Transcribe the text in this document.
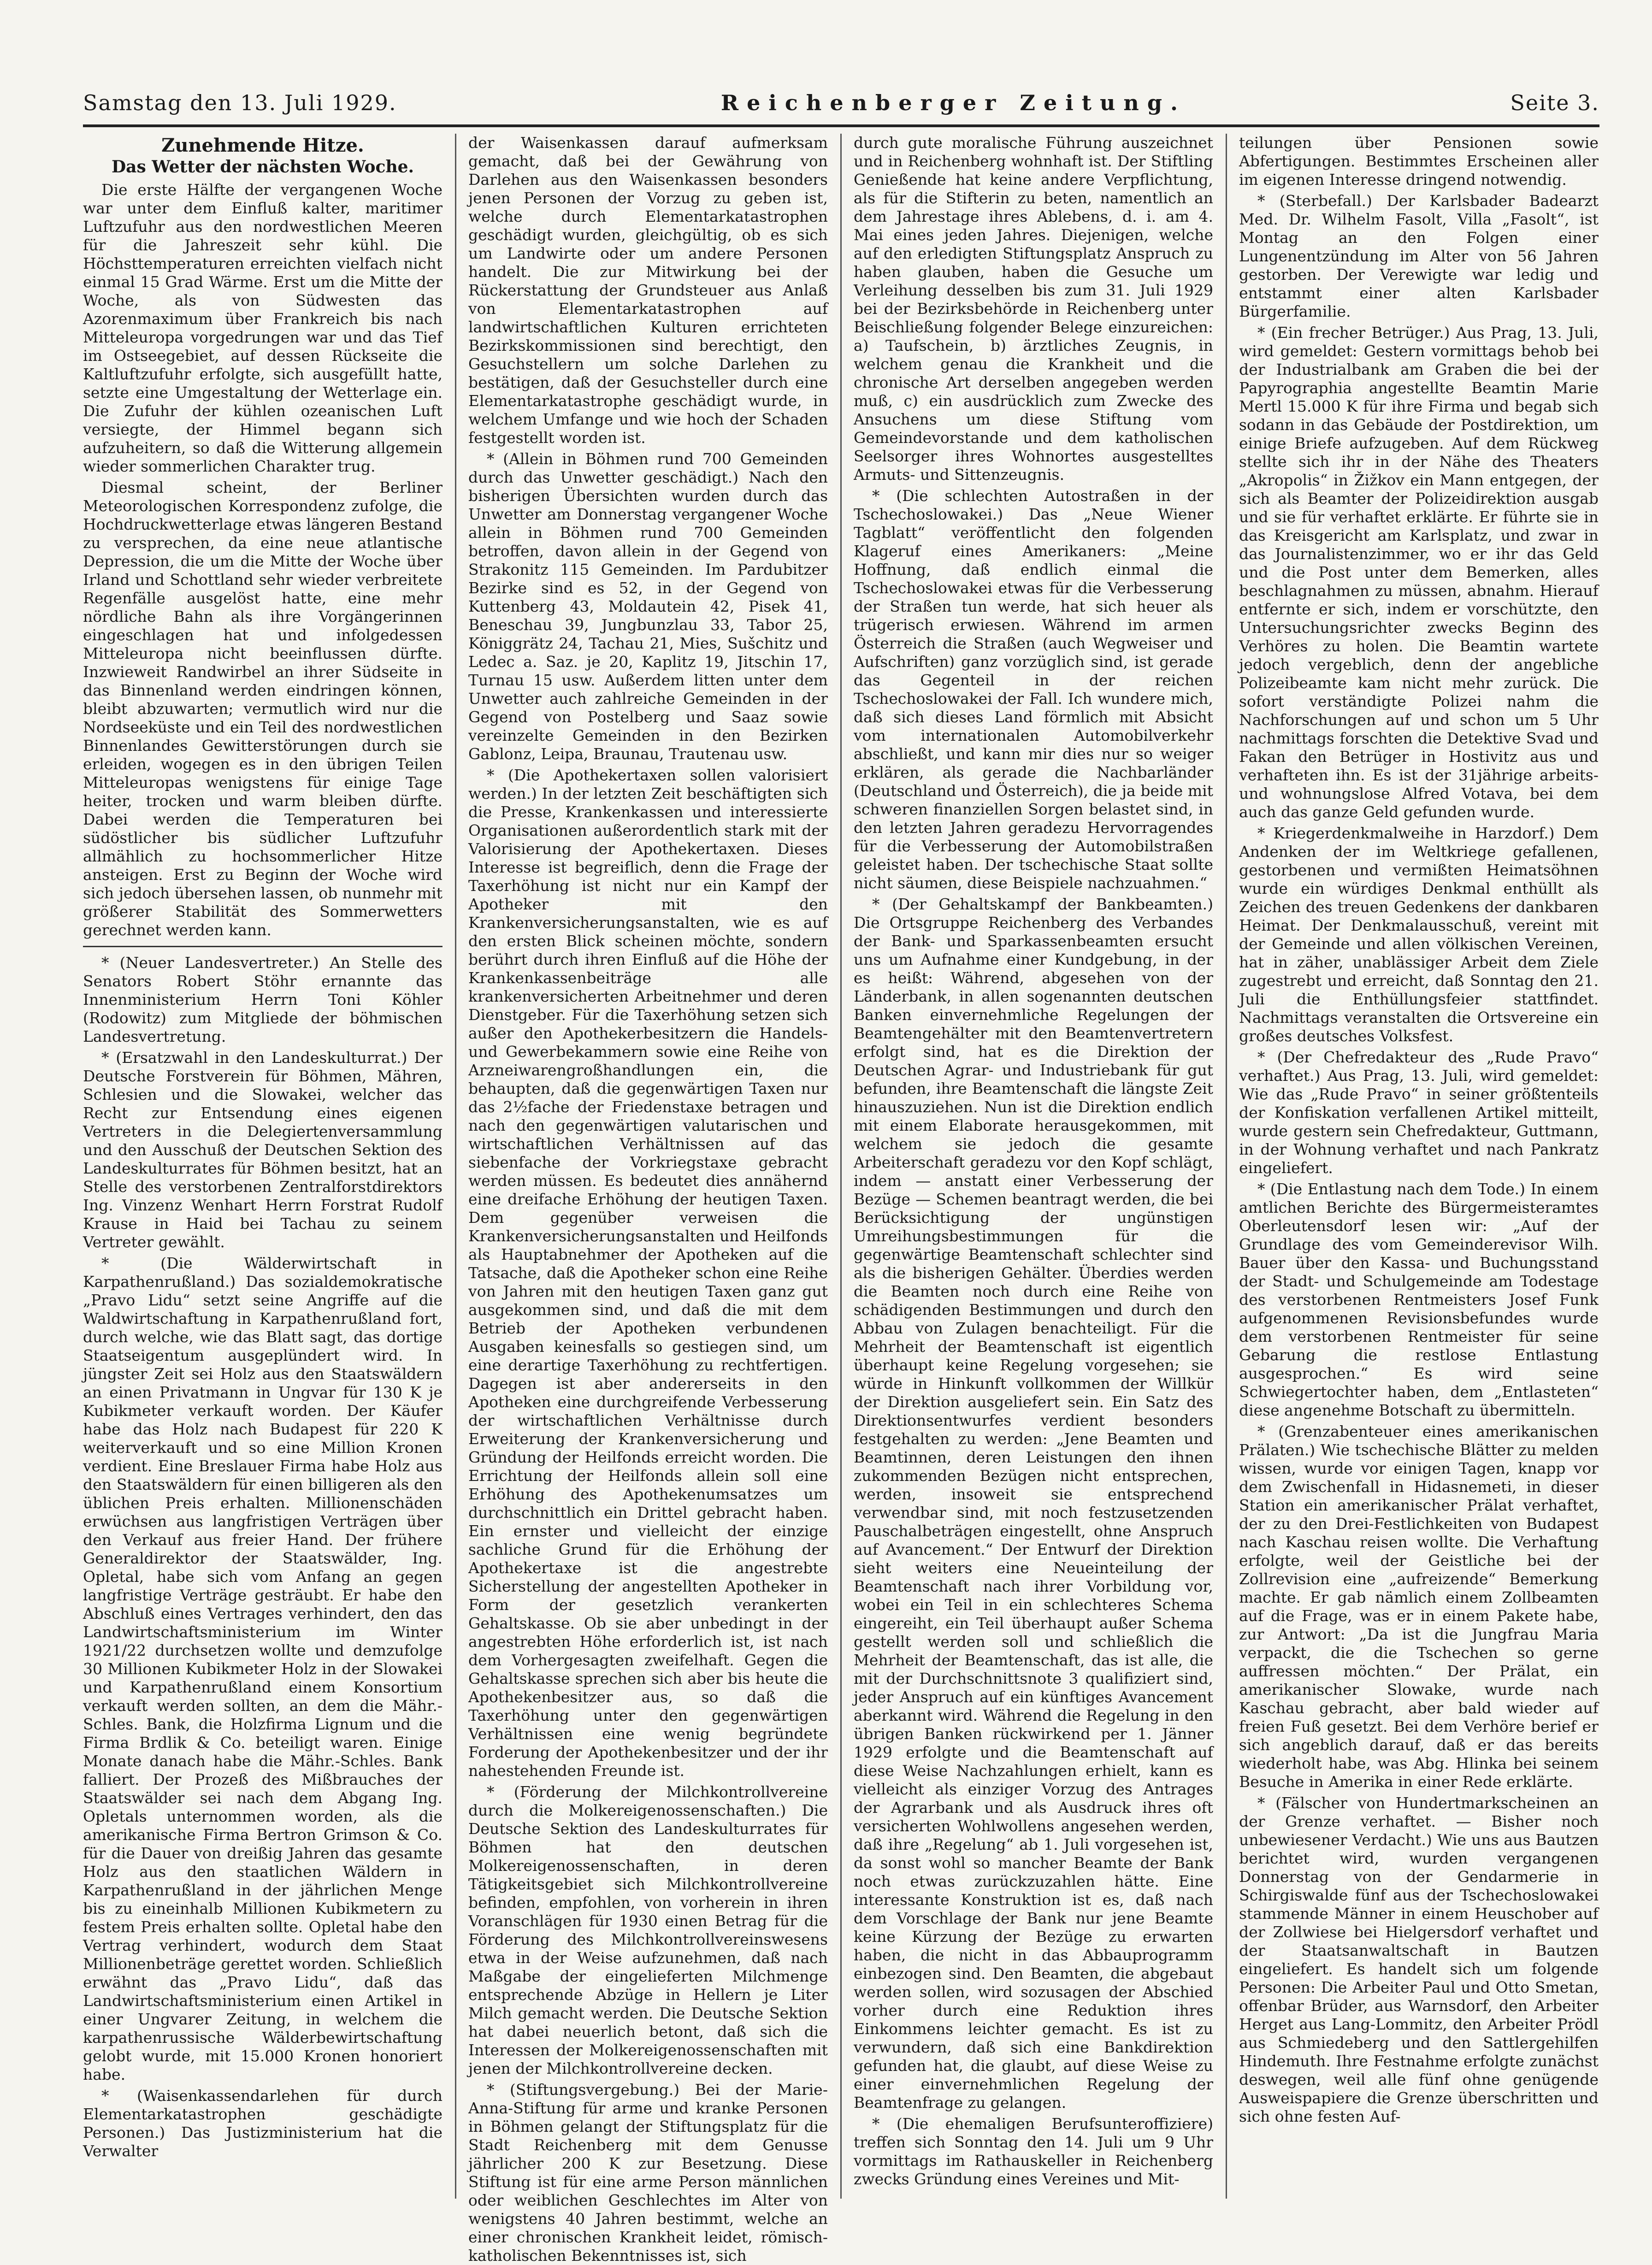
Samstag den 13. Juli 1929.	Reichenberger Zeitung.	Seite 3.
Zunehmende Hitze.
Das Wetter der nächsten Woche.

Die erste Hälfte der vergangenen Woche war unter dem Einfluß kalter, maritimer Luftzufuhr aus den nordwestlichen Meeren für die Jahreszeit sehr kühl. Die Höchsttemperaturen erreichten vielfach nicht einmal 15 Grad Wärme. Erst um die Mitte der Woche, als von Südwesten das Azorenmaximum über Frankreich bis nach Mitteleuropa vorgedrungen war und das Tief im Ostseegebiet, auf dessen Rückseite die Kaltluftzufuhr erfolgte, sich ausgefüllt hatte, setzte eine Umgestaltung der Wetterlage ein. Die Zufuhr der kühlen ozeanischen Luft versiegte, der Himmel begann sich aufzuheitern, so daß die Witterung allgemein wieder sommerlichen Charakter trug.

Diesmal scheint, der Berliner Meteorologischen Korrespondenz zufolge, die Hochdruckwetterlage etwas längeren Bestand zu versprechen, da eine neue atlantische Depression, die um die Mitte der Woche über Irland und Schottland sehr wieder verbreitete Regenfälle ausgelöst hatte, eine mehr nördliche Bahn als ihre Vorgängerinnen eingeschlagen hat und infolgedessen Mitteleuropa nicht beeinflussen dürfte. Inzwieweit Randwirbel an ihrer Südseite in das Binnenland werden eindringen können, bleibt abzuwarten; vermutlich wird nur die Nordseeküste und ein Teil des nordwestlichen Binnenlandes Gewitterstörungen durch sie erleiden, wogegen es in den übrigen Teilen Mitteleuropas wenigstens für einige Tage heiter, trocken und warm bleiben dürfte. Dabei werden die Temperaturen bei südöstlicher bis südlicher Luftzufuhr allmählich zu hochsommerlicher Hitze ansteigen. Erst zu Beginn der Woche wird sich jedoch übersehen lassen, ob nunmehr mit größerer Stabilität des Sommerwetters gerechnet werden kann.

* (Neuer Landesvertreter.) An Stelle des Senators Robert Stöhr ernannte das Innenministerium Herrn Toni Köhler (Rodowitz) zum Mitgliede der böhmischen Landesvertretung.

* (Ersatzwahl in den Landeskulturrat.) Der Deutsche Forstverein für Böhmen, Mähren, Schlesien und die Slowakei, welcher das Recht zur Entsendung eines eigenen Vertreters in die Delegiertenversammlung und den Ausschuß der Deutschen Sektion des Landeskulturrates für Böhmen besitzt, hat an Stelle des verstorbenen Zentralforstdirektors Ing. Vinzenz Wenhart Herrn Forstrat Rudolf Krause in Haid bei Tachau zu seinem Vertreter gewählt.

* (Die Wälderwirtschaft in Karpathenrußland.) Das sozialdemokratische „Pravo Lidu“ setzt seine Angriffe auf die Waldwirtschaftung in Karpathenrußland fort, durch welche, wie das Blatt sagt, das dortige Staatseigentum ausgeplündert wird. In jüngster Zeit sei Holz aus den Staatswäldern an einen Privatmann in Ungvar für 130 K je Kubikmeter verkauft worden. Der Käufer habe das Holz nach Budapest für 220 K weiterverkauft und so eine Million Kronen verdient. Eine Breslauer Firma habe Holz aus den Staatswäldern für einen billigeren als den üblichen Preis erhalten. Millionenschäden erwüchsen aus langfristigen Verträgen über den Verkauf aus freier Hand. Der frühere Generaldirektor der Staatswälder, Ing. Opletal, habe sich vom Anfang an gegen langfristige Verträge gesträubt. Er habe den Abschluß eines Vertrages verhindert, den das Landwirtschaftsministerium im Winter 1921/22 durchsetzen wollte und demzufolge 30 Millionen Kubikmeter Holz in der Slowakei und Karpathenrußland einem Konsortium verkauft werden sollten, an dem die Mähr.-Schles. Bank, die Holzfirma Lignum und die Firma Brdlik & Co. beteiligt waren. Einige Monate danach habe die Mähr.-Schles. Bank falliert. Der Prozeß des Mißbrauches der Staatswälder sei nach dem Abgang Ing. Opletals unternommen worden, als die amerikanische Firma Bertron Grimson & Co. für die Dauer von dreißig Jahren das gesamte Holz aus den staatlichen Wäldern in Karpathenrußland in der jährlichen Menge bis zu eineinhalb Millionen Kubikmetern zu festem Preis erhalten sollte. Opletal habe den Vertrag verhindert, wodurch dem Staat Millionenbeträge gerettet worden. Schließlich erwähnt das „Pravo Lidu“, daß das Landwirtschaftsministerium einen Artikel in einer Ungvarer Zeitung, in welchem die karpathenrussische Wälderbewirtschaftung gelobt wurde, mit 15.000 Kronen honoriert habe.

* (Waisenkassendarlehen für durch Elementarkatastrophen geschädigte Personen.) Das Justizministerium hat die Verwalter

der Waisenkassen darauf aufmerksam gemacht, daß bei der Gewährung von Darlehen aus den Waisenkassen besonders jenen Personen der Vorzug zu geben ist, welche durch Elementarkatastrophen geschädigt wurden, gleichgültig, ob es sich um Landwirte oder um andere Personen handelt. Die zur Mitwirkung bei der Rückerstattung der Grundsteuer aus Anlaß von Elementarkatastrophen auf landwirtschaftlichen Kulturen errichteten Bezirkskommissionen sind berechtigt, den Gesuchstellern um solche Darlehen zu bestätigen, daß der Gesuchsteller durch eine Elementarkatastrophe geschädigt wurde, in welchem Umfange und wie hoch der Schaden festgestellt worden ist.

* (Allein in Böhmen rund 700 Gemeinden durch das Unwetter geschädigt.) Nach den bisherigen Übersichten wurden durch das Unwetter am Donnerstag vergangener Woche allein in Böhmen rund 700 Gemeinden betroffen, davon allein in der Gegend von Strakonitz 115 Gemeinden. Im Pardubitzer Bezirke sind es 52, in der Gegend von Kuttenberg 43, Moldautein 42, Pisek 41, Beneschau 39, Jungbunzlau 33, Tabor 25, Königgrätz 24, Tachau 21, Mies, Sušchitz und Ledec a. Saz. je 20, Kaplitz 19, Jitschin 17, Turnau 15 usw. Außerdem litten unter dem Unwetter auch zahlreiche Gemeinden in der Gegend von Postelberg und Saaz sowie vereinzelte Gemeinden in den Bezirken Gablonz, Leipa, Braunau, Trautenau usw.

* (Die Apothekertaxen sollen valorisiert werden.) In der letzten Zeit beschäftigten sich die Presse, Krankenkassen und interessierte Organisationen außerordentlich stark mit der Valorisierung der Apothekertaxen. Dieses Interesse ist begreiflich, denn die Frage der Taxerhöhung ist nicht nur ein Kampf der Apotheker mit den Krankenversicherungsanstalten, wie es auf den ersten Blick scheinen möchte, sondern berührt durch ihren Einfluß auf die Höhe der Krankenkassenbeiträge alle krankenversicherten Arbeitnehmer und deren Dienstgeber. Für die Taxerhöhung setzen sich außer den Apothekerbesitzern die Handels- und Gewerbekammern sowie eine Reihe von Arzneiwarengroßhandlungen ein, die behaupten, daß die gegenwärtigen Taxen nur das 2½fache der Friedenstaxe betragen und nach den gegenwärtigen valutarischen und wirtschaftlichen Verhältnissen auf das siebenfache der Vorkriegstaxe gebracht werden müssen. Es bedeutet dies annähernd eine dreifache Erhöhung der heutigen Taxen. Dem gegenüber verweisen die Krankenversicherungsanstalten und Heilfonds als Hauptabnehmer der Apotheken auf die Tatsache, daß die Apotheker schon eine Reihe von Jahren mit den heutigen Taxen ganz gut ausgekommen sind, und daß die mit dem Betrieb der Apotheken verbundenen Ausgaben keinesfalls so gestiegen sind, um eine derartige Taxerhöhung zu rechtfertigen. Dagegen ist aber andererseits in den Apotheken eine durchgreifende Verbesserung der wirtschaftlichen Verhältnisse durch Erweiterung der Krankenversicherung und Gründung der Heilfonds erreicht worden. Die Errichtung der Heilfonds allein soll eine Erhöhung des Apothekenumsatzes um durchschnittlich ein Drittel gebracht haben. Ein ernster und vielleicht der einzige sachliche Grund für die Erhöhung der Apothekertaxe ist die angestrebte Sicherstellung der angestellten Apotheker in Form der gesetzlich verankerten Gehaltskasse. Ob sie aber unbedingt in der angestrebten Höhe erforderlich ist, ist nach dem Vorhergesagten zweifelhaft. Gegen die Gehaltskasse sprechen sich aber bis heute die Apothekenbesitzer aus, so daß die Taxerhöhung unter den gegenwärtigen Verhältnissen eine wenig begründete Forderung der Apothekenbesitzer und der ihr nahestehenden Freunde ist.

* (Förderung der Milchkontrollvereine durch die Molkereigenossenschaften.) Die Deutsche Sektion des Landeskulturrates für Böhmen hat den deutschen Molkereigenossenschaften, in deren Tätigkeitsgebiet sich Milchkontrollvereine befinden, empfohlen, von vorherein in ihren Voranschlägen für 1930 einen Betrag für die Förderung des Milchkontrollvereinswesens etwa in der Weise aufzunehmen, daß nach Maßgabe der eingelieferten Milchmenge entsprechende Abzüge in Hellern je Liter Milch gemacht werden. Die Deutsche Sektion hat dabei neuerlich betont, daß sich die Interessen der Molkereigenossenschaften mit jenen der Milchkontrollvereine decken.

* (Stiftungsvergebung.) Bei der Marie-Anna-Stiftung für arme und kranke Personen in Böhmen gelangt der Stiftungsplatz für die Stadt Reichenberg mit dem Genusse jährlicher 200 K zur Besetzung. Diese Stiftung ist für eine arme Person männlichen oder weiblichen Geschlechtes im Alter von wenigstens 40 Jahren bestimmt, welche an einer chronischen Krankheit leidet, römisch-katholischen Bekenntnisses ist, sich

durch gute moralische Führung auszeichnet und in Reichenberg wohnhaft ist. Der Stiftling Genießende hat keine andere Verpflichtung, als für die Stifterin zu beten, namentlich an dem Jahrestage ihres Ablebens, d. i. am 4. Mai eines jeden Jahres. Diejenigen, welche auf den erledigten Stiftungsplatz Anspruch zu haben glauben, haben die Gesuche um Verleihung desselben bis zum 31. Juli 1929 bei der Bezirksbehörde in Reichenberg unter Beischließung folgender Belege einzureichen: a) Taufschein, b) ärztliches Zeugnis, in welchem genau die Krankheit und die chronische Art derselben angegeben werden muß, c) ein ausdrücklich zum Zwecke des Ansuchens um diese Stiftung vom Gemeindevorstande und dem katholischen Seelsorger ihres Wohnortes ausgestelltes Armuts- und Sittenzeugnis.

* (Die schlechten Autostraßen in der Tschechoslowakei.) Das „Neue Wiener Tagblatt“ veröffentlicht den folgenden Klageruf eines Amerikaners: „Meine Hoffnung, daß endlich einmal die Tschechoslowakei etwas für die Verbesserung der Straßen tun werde, hat sich heuer als trügerisch erwiesen. Während im armen Österreich die Straßen (auch Wegweiser und Aufschriften) ganz vorzüglich sind, ist gerade das Gegenteil in der reichen Tschechoslowakei der Fall. Ich wundere mich, daß sich dieses Land förmlich mit Absicht vom internationalen Automobilverkehr abschließt, und kann mir dies nur so weiger erklären, als gerade die Nachbarländer (Deutschland und Österreich), die ja beide mit schweren finanziellen Sorgen belastet sind, in den letzten Jahren geradezu Hervorragendes für die Verbesserung der Automobilstraßen geleistet haben. Der tschechische Staat sollte nicht säumen, diese Beispiele nachzuahmen.“

* (Der Gehaltskampf der Bankbeamten.) Die Ortsgruppe Reichenberg des Verbandes der Bank- und Sparkassenbeamten ersucht uns um Aufnahme einer Kundgebung, in der es heißt: Während, abgesehen von der Länderbank, in allen sogenannten deutschen Banken einvernehmliche Regelungen der Beamtengehälter mit den Beamtenvertretern erfolgt sind, hat es die Direktion der Deutschen Agrar- und Industriebank für gut befunden, ihre Beamtenschaft die längste Zeit hinauszuziehen. Nun ist die Direktion endlich mit einem Elaborate herausgekommen, mit welchem sie jedoch die gesamte Arbeiterschaft geradezu vor den Kopf schlägt, indem — anstatt einer Verbesserung der Bezüge — Schemen beantragt werden, die bei Berücksichtigung der ungünstigen Umreihungsbestimmungen für die gegenwärtige Beamtenschaft schlechter sind als die bisherigen Gehälter. Überdies werden die Beamten noch durch eine Reihe von schädigenden Bestimmungen und durch den Abbau von Zulagen benachteiligt. Für die Mehrheit der Beamtenschaft ist eigentlich überhaupt keine Regelung vorgesehen; sie würde in Hinkunft vollkommen der Willkür der Direktion ausgeliefert sein. Ein Satz des Direktionsentwurfes verdient besonders festgehalten zu werden: „Jene Beamten und Beamtinnen, deren Leistungen den ihnen zukommenden Bezügen nicht entsprechen, werden, insoweit sie entsprechend verwendbar sind, mit noch festzusetzenden Pauschalbeträgen eingestellt, ohne Anspruch auf Avancement.“ Der Entwurf der Direktion sieht weiters eine Neueinteilung der Beamtenschaft nach ihrer Vorbildung vor, wobei ein Teil in ein schlechteres Schema eingereiht, ein Teil überhaupt außer Schema gestellt werden soll und schließlich die Mehrheit der Beamtenschaft, das ist alle, die mit der Durchschnittsnote 3 qualifiziert sind, jeder Anspruch auf ein künftiges Avancement aberkannt wird. Während die Regelung in den übrigen Banken rückwirkend per 1. Jänner 1929 erfolgte und die Beamtenschaft auf diese Weise Nachzahlungen erhielt, kann es vielleicht als einziger Vorzug des Antrages der Agrarbank und als Ausdruck ihres oft versicherten Wohlwollens angesehen werden, daß ihre „Regelung“ ab 1. Juli vorgesehen ist, da sonst wohl so mancher Beamte der Bank noch etwas zurückzuzahlen hätte. Eine interessante Konstruktion ist es, daß nach dem Vorschlage der Bank nur jene Beamte keine Kürzung der Bezüge zu erwarten haben, die nicht in das Abbauprogramm einbezogen sind. Den Beamten, die abgebaut werden sollen, wird sozusagen der Abschied vorher durch eine Reduktion ihres Einkommens leichter gemacht. Es ist zu verwundern, daß sich eine Bankdirektion gefunden hat, die glaubt, auf diese Weise zu einer einvernehmlichen Regelung der Beamtenfrage zu gelangen.

* (Die ehemaligen Berufsunteroffiziere) treffen sich Sonntag den 14. Juli um 9 Uhr vormittags im Rathauskeller in Reichenberg zwecks Gründung eines Vereines und Mit-

teilungen über Pensionen sowie Abfertigungen. Bestimmtes Erscheinen aller im eigenen Interesse dringend notwendig.

* (Sterbefall.) Der Karlsbader Badearzt Med. Dr. Wilhelm Fasolt, Villa „Fasolt“, ist Montag an den Folgen einer Lungenentzündung im Alter von 56 Jahren gestorben. Der Verewigte war ledig und entstammt einer alten Karlsbader Bürgerfamilie.

* (Ein frecher Betrüger.) Aus Prag, 13. Juli, wird gemeldet: Gestern vormittags behob bei der Industrialbank am Graben die bei der Papyrographia angestellte Beamtin Marie Mertl 15.000 K für ihre Firma und begab sich sodann in das Gebäude der Postdirektion, um einige Briefe aufzugeben. Auf dem Rückweg stellte sich ihr in der Nähe des Theaters „Akropolis“ in Žižkov ein Mann entgegen, der sich als Beamter der Polizeidirektion ausgab und sie für verhaftet erklärte. Er führte sie in das Kreisgericht am Karlsplatz, und zwar in das Journalistenzimmer, wo er ihr das Geld und die Post unter dem Bemerken, alles beschlagnahmen zu müssen, abnahm. Hierauf entfernte er sich, indem er vorschützte, den Untersuchungsrichter zwecks Beginn des Verhöres zu holen. Die Beamtin wartete jedoch vergeblich, denn der angebliche Polizeibeamte kam nicht mehr zurück. Die sofort verständigte Polizei nahm die Nachforschungen auf und schon um 5 Uhr nachmittags forschten die Detektive Svad und Fakan den Betrüger in Hostivitz aus und verhafteten ihn. Es ist der 31jährige arbeits- und wohnungslose Alfred Votava, bei dem auch das ganze Geld gefunden wurde.

* Kriegerdenkmalweihe in Harzdorf.) Dem Andenken der im Weltkriege gefallenen, gestorbenen und vermißten Heimatsöhnen wurde ein würdiges Denkmal enthüllt als Zeichen des treuen Gedenkens der dankbaren Heimat. Der Denkmalausschuß, vereint mit der Gemeinde und allen völkischen Vereinen, hat in zäher, unablässiger Arbeit dem Ziele zugestrebt und erreicht, daß Sonntag den 21. Juli die Enthüllungsfeier stattfindet. Nachmittags veranstalten die Ortsvereine ein großes deutsches Volksfest.

* (Der Chefredakteur des „Rude Pravo“ verhaftet.) Aus Prag, 13. Juli, wird gemeldet: Wie das „Rude Pravo“ in seiner größtenteils der Konfiskation verfallenen Artikel mitteilt, wurde gestern sein Chefredakteur, Guttmann, in der Wohnung verhaftet und nach Pankratz eingeliefert.

* (Die Entlastung nach dem Tode.) In einem amtlichen Berichte des Bürgermeisteramtes Oberleutensdorf lesen wir: „Auf der Grundlage des vom Gemeinderevisor Wilh. Bauer über den Kassa- und Buchungsstand der Stadt- und Schulgemeinde am Todestage des verstorbenen Rentmeisters Josef Funk aufgenommenen Revisionsbefundes wurde dem verstorbenen Rentmeister für seine Gebarung die restlose Entlastung ausgesprochen.“ Es wird seine Schwiegertochter haben, dem „Entlasteten“ diese angenehme Botschaft zu übermitteln.

* (Grenzabenteuer eines amerikanischen Prälaten.) Wie tschechische Blätter zu melden wissen, wurde vor einigen Tagen, knapp vor dem Zwischenfall in Hidasnemeti, in dieser Station ein amerikanischer Prälat verhaftet, der zu den Drei-Festlichkeiten von Budapest nach Kaschau reisen wollte. Die Verhaftung erfolgte, weil der Geistliche bei der Zollrevision eine „aufreizende“ Bemerkung machte. Er gab nämlich einem Zollbeamten auf die Frage, was er in einem Pakete habe, zur Antwort: „Da ist die Jungfrau Maria verpackt, die die Tschechen so gerne auffressen möchten.“ Der Prälat, ein amerikanischer Slowake, wurde nach Kaschau gebracht, aber bald wieder auf freien Fuß gesetzt. Bei dem Verhöre berief er sich angeblich darauf, daß er das bereits wiederholt habe, was Abg. Hlinka bei seinem Besuche in Amerika in einer Rede erklärte.

* (Fälscher von Hundertmarkscheinen an der Grenze verhaftet. — Bisher noch unbewiesener Verdacht.) Wie uns aus Bautzen berichtet wird, wurden vergangenen Donnerstag von der Gendarmerie in Schirgiswalde fünf aus der Tschechoslowakei stammende Männer in einem Heuschober auf der Zollwiese bei Hielgersdorf verhaftet und der Staatsanwaltschaft in Bautzen eingeliefert. Es handelt sich um folgende Personen: Die Arbeiter Paul und Otto Smetan, offenbar Brüder, aus Warnsdorf, den Arbeiter Herget aus Lang-Lommitz, den Arbeiter Prödl aus Schmiedeberg und den Sattlergehilfen Hindemuth. Ihre Festnahme erfolgte zunächst deswegen, weil alle fünf ohne genügende Ausweispapiere die Grenze überschritten und sich ohne festen Auf-
